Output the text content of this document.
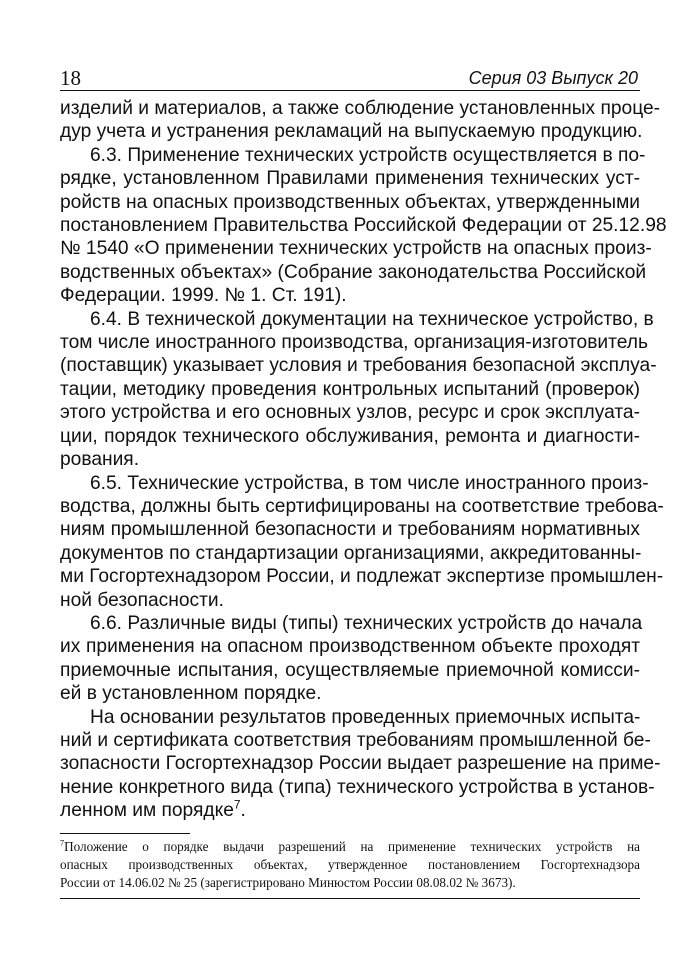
18	Серия 03 Выпуск 20

изделий и материалов, а также соблюдение установленных проце-
дур учета и устранения рекламаций на выпускаемую продукцию.

6.3. Применение технических устройств осуществляется в по-
рядке, установленном Правилами применения технических уст-
ройств на опасных производственных объектах, утвержденными
постановлением Правительства Российской Федерации от 25.12.98
№ 1540 «О применении технических устройств на опасных произ-
водственных объектах» (Собрание законодательства Российской
Федерации. 1999. № 1. Ст. 191).

6.4. В технической документации на техническое устройство, в
том числе иностранного производства, организация-изготовитель
(поставщик) указывает условия и требования безопасной эксплуа-
тации, методику проведения контрольных испытаний (проверок)
этого устройства и его основных узлов, ресурс и срок эксплуата-
ции, порядок технического обслуживания, ремонта и диагности-
рования.

6.5. Технические устройства, в том числе иностранного произ-
водства, должны быть сертифицированы на соответствие требова-
ниям промышленной безопасности и требованиям нормативных
документов по стандартизации организациями, аккредитованны-
ми Госгортехнадзором России, и подлежат экспертизе промышлен-
ной безопасности.

6.6. Различные виды (типы) технических устройств до начала
их применения на опасном производственном объекте проходят
приемочные испытания, осуществляемые приемочной комисси-
ей в установленном порядке.

На основании результатов проведенных приемочных испыта-
ний и сертификата соответствия требованиям промышленной бе-
зопасности Госгортехнадзор России выдает разрешение на приме-
нение конкретного вида (типа) технического устройства в установ-
ленном им порядке$^7$.

$^7$Положение о порядке выдачи разрешений на применение технических устройств на
опасных производственных объектах, утвержденное постановлением Госгортехнадзора
России от 14.06.02 № 25 (зарегистрировано Минюстом России 08.08.02 № 3673).
